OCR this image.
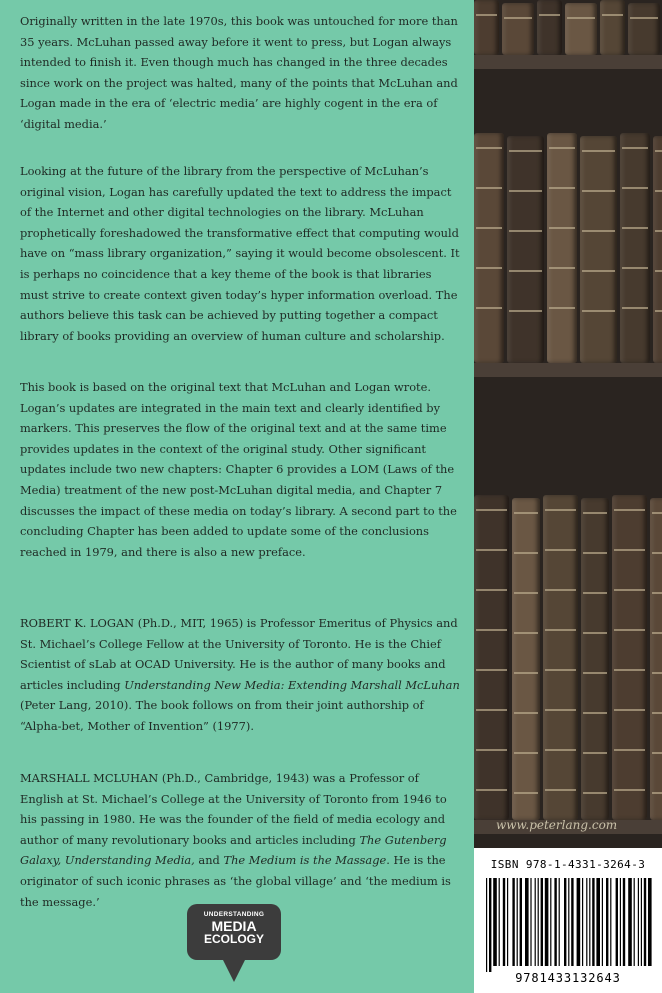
Originally written in the late 1970s, this book was untouched for more than 35 years. McLuhan passed away before it went to press, but Logan always intended to finish it. Even though much has changed in the three decades since work on the project was halted, many of the points that McLuhan and Logan made in the era of ‘electric media’ are highly cogent in the era of ‘digital media.’

Looking at the future of the library from the perspective of McLuhan’s original vision, Logan has carefully updated the text to address the impact of the Internet and other digital technologies on the library. McLuhan prophetically foreshadowed the transformative effect that computing would have on “mass library organization,” saying it would become obsolescent. It is perhaps no coincidence that a key theme of the book is that libraries must strive to create context given today’s hyper information overload. The authors believe this task can be achieved by putting together a compact library of books providing an overview of human culture and scholarship.

This book is based on the original text that McLuhan and Logan wrote. Logan’s updates are integrated in the main text and clearly identified by markers. This preserves the flow of the original text and at the same time provides updates in the context of the original study. Other significant updates include two new chapters: Chapter 6 provides a LOM (Laws of the Media) treatment of the new post-McLuhan digital media, and Chapter 7 discusses the impact of these media on today’s library. A second part to the concluding Chapter has been added to update some of the conclusions reached in 1979, and there is also a new preface.

ROBERT K. LOGAN (Ph.D., MIT, 1965) is Professor Emeritus of Physics and St. Michael’s College Fellow at the University of Toronto. He is the Chief Scientist of sLab at OCAD University. He is the author of many books and articles including Understanding New Media: Extending Marshall McLuhan (Peter Lang, 2010). The book follows on from their joint authorship of “Alpha-bet, Mother of Invention” (1977).

MARSHALL MCLUHAN (Ph.D., Cambridge, 1943) was a Professor of English at St. Michael’s College at the University of Toronto from 1946 to his passing in 1980. He was the founder of the field of media ecology and author of many revolutionary books and articles including The Gutenberg Galaxy, Understanding Media, and The Medium is the Massage. He is the originator of such iconic phrases as ‘the global village’ and ‘the medium is the message.’

UNDERSTANDING
MEDIA
ECOLOGY
www.peterlang.com
ISBN 978-1-4331-3264-3
9781433132643
